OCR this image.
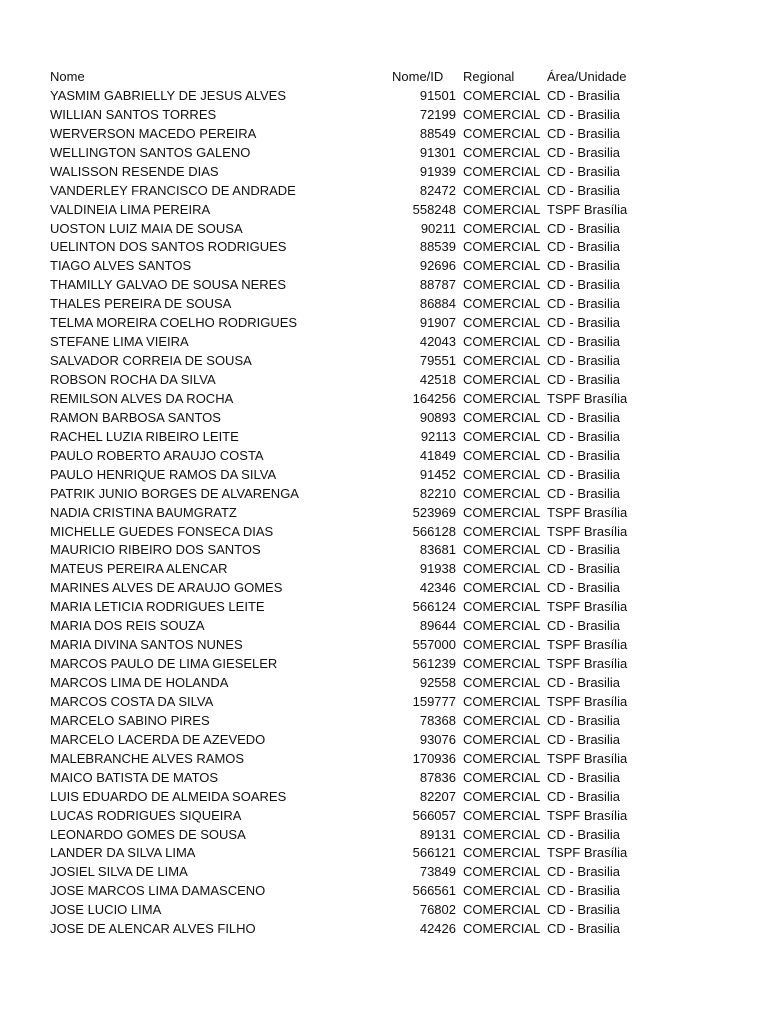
Nome	Nome/ID	Regional	Área/Unidade
YASMIM GABRIELLY DE JESUS ALVES	91501 COMERCIAL CD - Brasilia
WILLIAN SANTOS TORRES	72199 COMERCIAL CD - Brasilia
WERVERSON MACEDO PEREIRA	88549 COMERCIAL CD - Brasilia
WELLINGTON SANTOS GALENO	91301 COMERCIAL CD - Brasilia
WALISSON RESENDE DIAS	91939 COMERCIAL CD - Brasilia
VANDERLEY FRANCISCO DE ANDRADE	82472 COMERCIAL CD - Brasilia
VALDINEIA LIMA PEREIRA	558248 COMERCIAL TSPF Brasília
UOSTON LUIZ MAIA DE SOUSA	90211 COMERCIAL CD - Brasilia
UELINTON DOS SANTOS RODRIGUES	88539 COMERCIAL CD - Brasilia
TIAGO ALVES SANTOS	92696 COMERCIAL CD - Brasilia
THAMILLY GALVAO DE SOUSA NERES	88787 COMERCIAL CD - Brasilia
THALES PEREIRA DE SOUSA	86884 COMERCIAL CD - Brasilia
TELMA MOREIRA COELHO RODRIGUES	91907 COMERCIAL CD - Brasilia
STEFANE LIMA VIEIRA	42043 COMERCIAL CD - Brasilia
SALVADOR CORREIA DE SOUSA	79551 COMERCIAL CD - Brasilia
ROBSON ROCHA DA SILVA	42518 COMERCIAL CD - Brasilia
REMILSON ALVES DA ROCHA	164256 COMERCIAL TSPF Brasília
RAMON BARBOSA SANTOS	90893 COMERCIAL CD - Brasilia
RACHEL LUZIA RIBEIRO LEITE	92113 COMERCIAL CD - Brasilia
PAULO ROBERTO ARAUJO COSTA	41849 COMERCIAL CD - Brasilia
PAULO HENRIQUE RAMOS DA SILVA	91452 COMERCIAL CD - Brasilia
PATRIK JUNIO BORGES DE ALVARENGA	82210 COMERCIAL CD - Brasilia
NADIA CRISTINA BAUMGRATZ	523969 COMERCIAL TSPF Brasília
MICHELLE GUEDES FONSECA DIAS	566128 COMERCIAL TSPF Brasília
MAURICIO RIBEIRO DOS SANTOS	83681 COMERCIAL CD - Brasilia
MATEUS PEREIRA ALENCAR	91938 COMERCIAL CD - Brasilia
MARINES ALVES DE ARAUJO GOMES	42346 COMERCIAL CD - Brasilia
MARIA LETICIA RODRIGUES LEITE	566124 COMERCIAL TSPF Brasília
MARIA DOS REIS SOUZA	89644 COMERCIAL CD - Brasilia
MARIA DIVINA SANTOS NUNES	557000 COMERCIAL TSPF Brasília
MARCOS PAULO DE LIMA GIESELER	561239 COMERCIAL TSPF Brasília
MARCOS LIMA DE HOLANDA	92558 COMERCIAL CD - Brasilia
MARCOS COSTA DA SILVA	159777 COMERCIAL TSPF Brasília
MARCELO SABINO PIRES	78368 COMERCIAL CD - Brasilia
MARCELO LACERDA DE AZEVEDO	93076 COMERCIAL CD - Brasilia
MALEBRANCHE ALVES RAMOS	170936 COMERCIAL TSPF Brasília
MAICO BATISTA DE MATOS	87836 COMERCIAL CD - Brasilia
LUIS EDUARDO DE ALMEIDA SOARES	82207 COMERCIAL CD - Brasilia
LUCAS RODRIGUES SIQUEIRA	566057 COMERCIAL TSPF Brasília
LEONARDO GOMES DE SOUSA	89131 COMERCIAL CD - Brasilia
LANDER DA SILVA LIMA	566121 COMERCIAL TSPF Brasília
JOSIEL SILVA DE LIMA	73849 COMERCIAL CD - Brasilia
JOSE MARCOS LIMA DAMASCENO	566561 COMERCIAL CD - Brasilia
JOSE LUCIO LIMA	76802 COMERCIAL CD - Brasilia
JOSE DE ALENCAR ALVES FILHO	42426 COMERCIAL CD - Brasilia
